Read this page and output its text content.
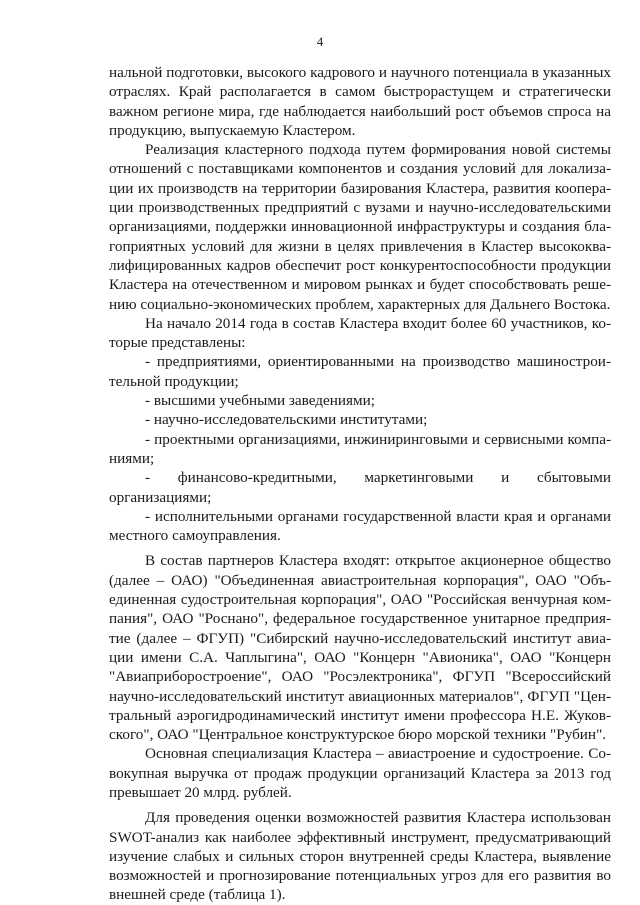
4

нальной подготовки, высокого кадрового и научного потенциала в указанных отраслях. Край располагается в самом быстрорастущем и стратегически важном регионе мира, где наблюдается наибольший рост объемов спроса на продукцию, выпускаемую Кластером.

Реализация кластерного подхода путем формирования новой системы отношений с поставщиками компонентов и создания условий для локализации их производств на территории базирования Кластера, развития кооперации производственных предприятий с вузами и научно-исследовательскими организациями, поддержки инновационной инфраструктуры и создания благоприятных условий для жизни в целях привлечения в Кластер высококвалифицированных кадров обеспечит рост конкурентоспособности продукции Кластера на отечественном и мировом рынках и будет способствовать решению социально-экономических проблем, характерных для Дальнего Востока.

На начало 2014 года в состав Кластера входит более 60 участников, которые представлены:

- предприятиями, ориентированными на производство машиностроительной продукции;

- высшими учебными заведениями;

- научно-исследовательскими институтами;

- проектными организациями, инжиниринговыми и сервисными компаниями;

- финансово-кредитными, маркетинговыми и сбытовыми организациями;

- исполнительными органами государственной власти края и органами местного самоуправления.

В состав партнеров Кластера входят: открытое акционерное общество (далее – ОАО) "Объединенная авиастроительная корпорация", ОАО "Объединенная судостроительная корпорация", ОАО "Российская венчурная компания", ОАО "Роснано", федеральное государственное унитарное предприятие (далее – ФГУП) "Сибирский научно-исследовательский институт авиации имени С.А. Чаплыгина", ОАО "Концерн "Авионика", ОАО "Концерн "Авиаприборостроение", ОАО "Росэлектроника", ФГУП "Всероссийский научно-исследовательский институт авиационных материалов", ФГУП "Центральный аэрогидродинамический институт имени профессора Н.Е. Жуковского", ОАО "Центральное конструктурское бюро морской техники "Рубин".

Основная специализация Кластера – авиастроение и судостроение. Совокупная выручка от продаж продукции организаций Кластера за 2013 год превышает 20 млрд. рублей.

Для проведения оценки возможностей развития Кластера использован SWOT-анализ как наиболее эффективный инструмент, предусматривающий изучение слабых и сильных сторон внутренней среды Кластера, выявление возможностей и прогнозирование потенциальных угроз для его развития во внешней среде (таблица 1).
